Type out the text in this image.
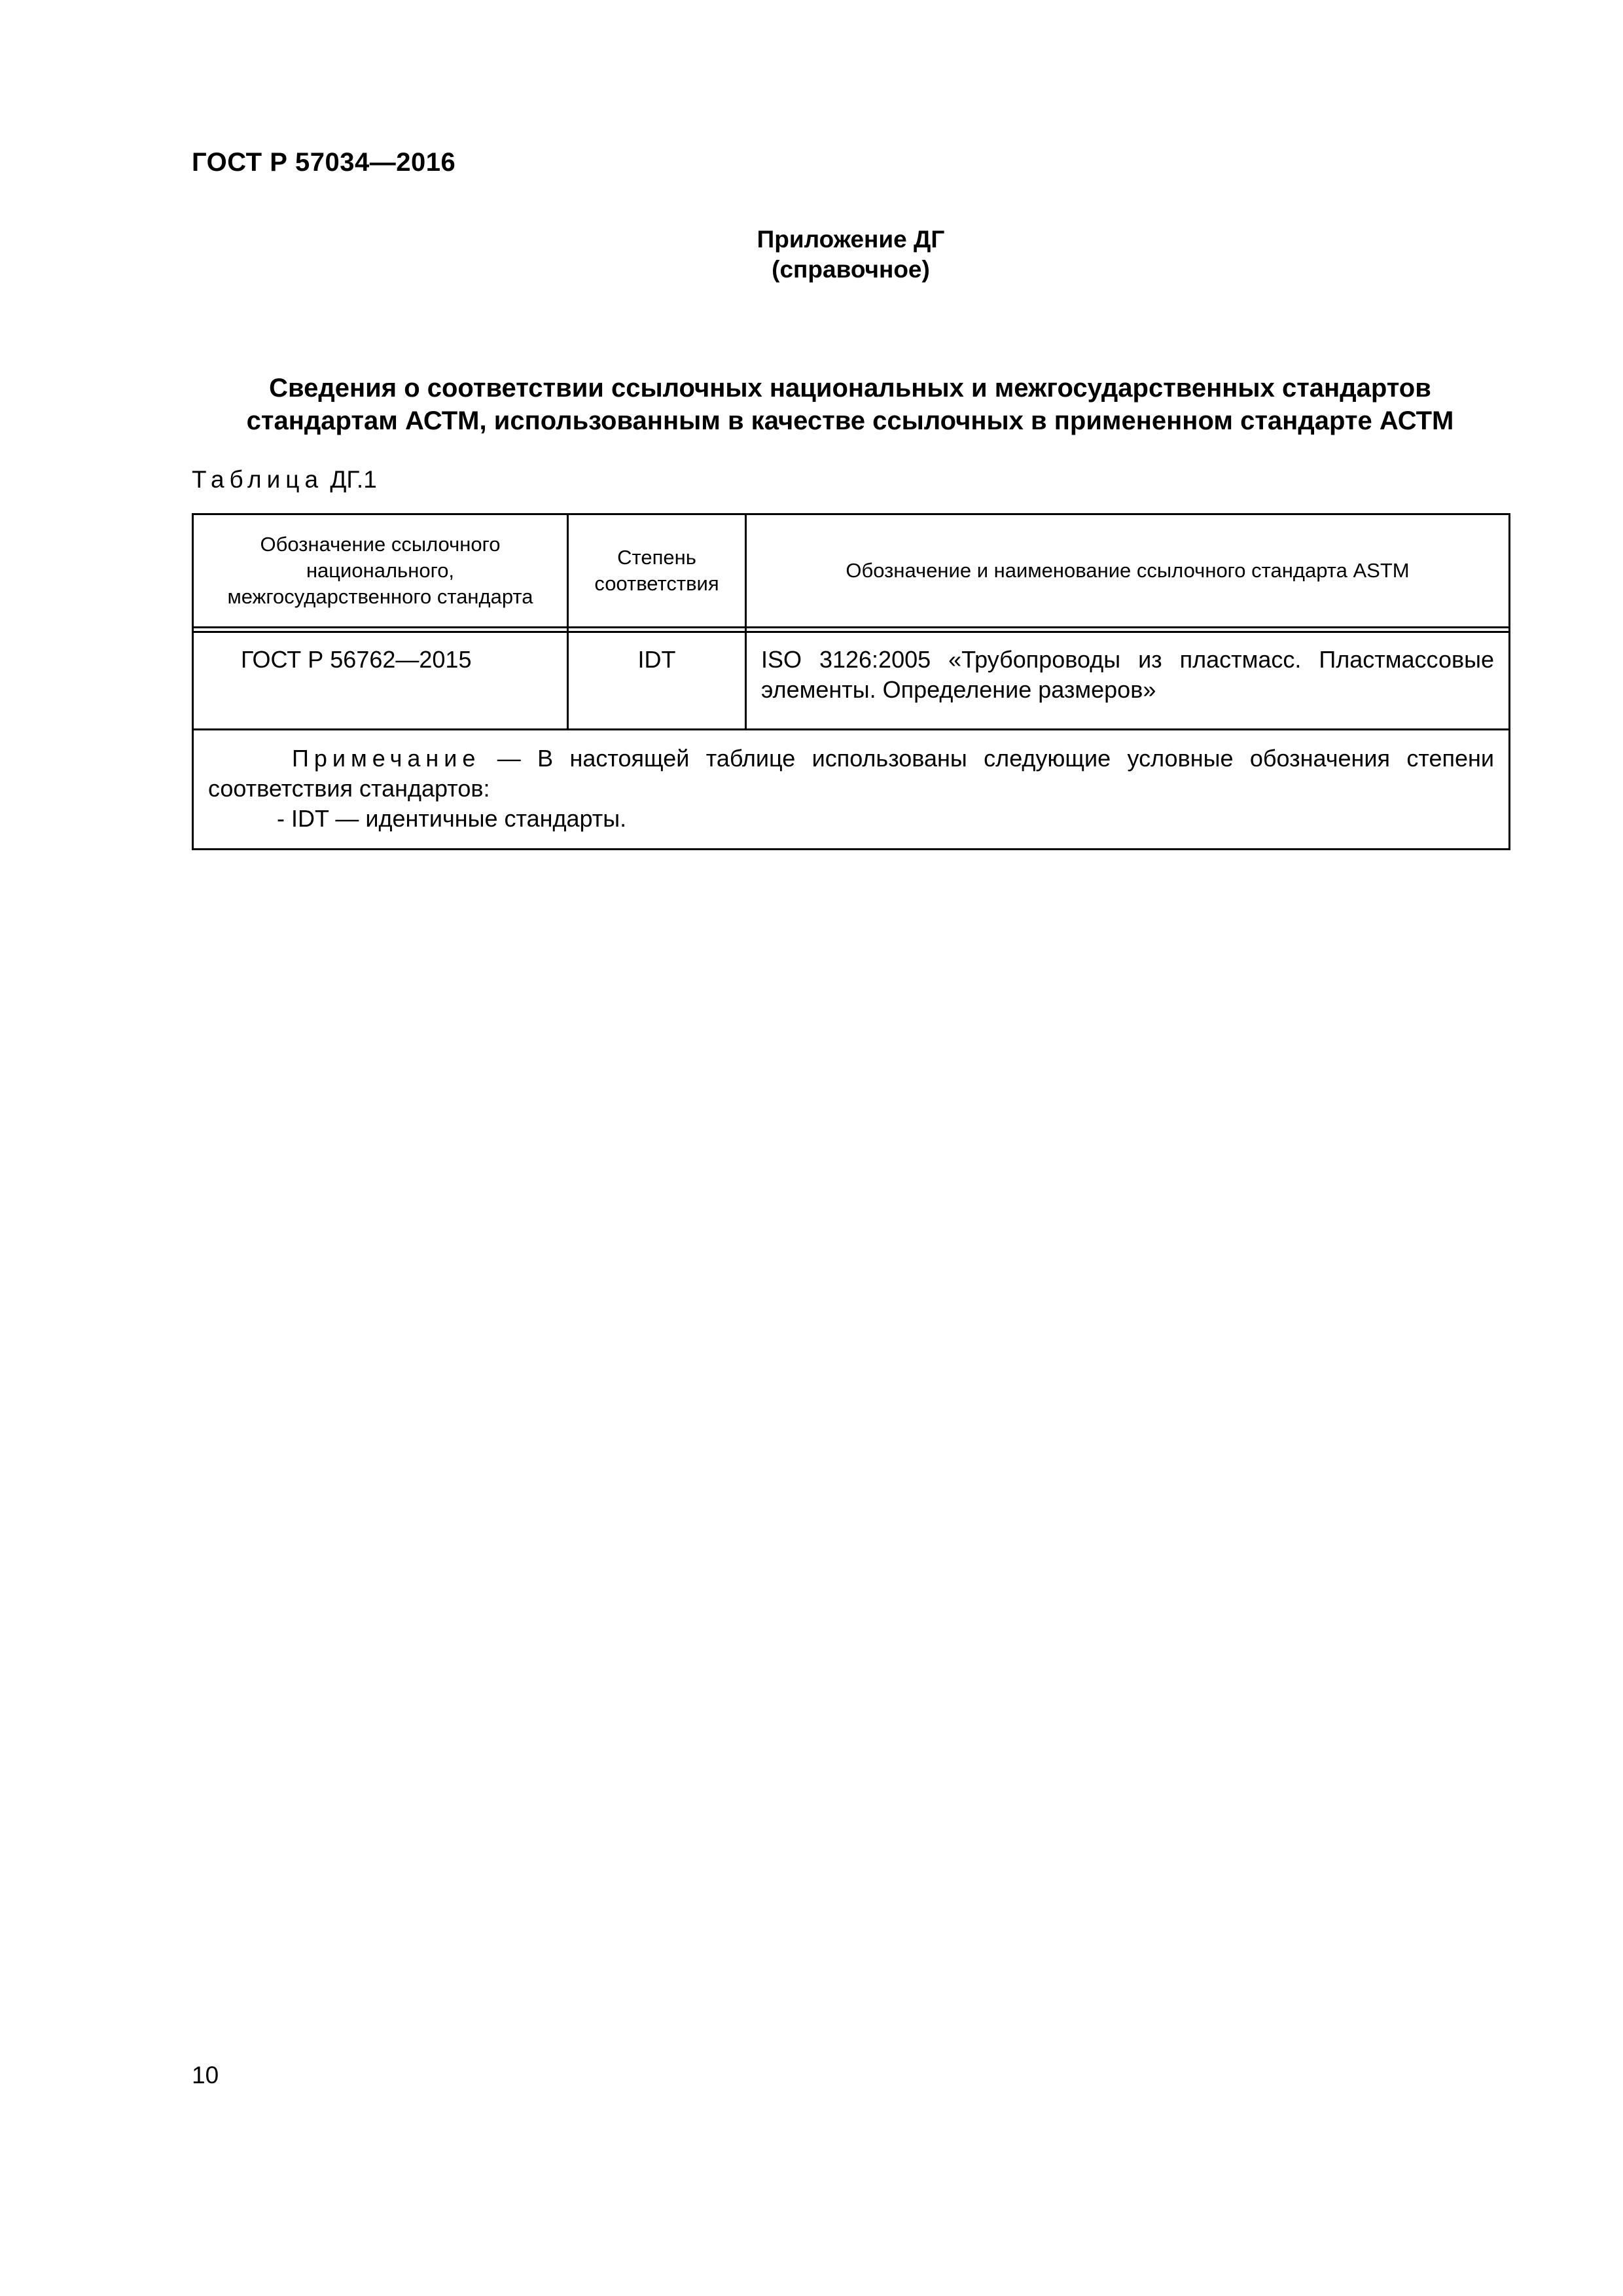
ГОСТ Р 57034—2016
Приложение ДГ
(справочное)
Сведения о соответствии ссылочных национальных и межгосударственных стандартов
стандартам АСТМ, использованным в качестве ссылочных в примененном стандарте АСТМ
Таблица ДГ.1
Обозначение ссылочного национального, межгосударственного стандарта	Степень соответствия	Обозначение и наименование ссылочного стандарта ASTM

ГОСТ Р 56762—2015	IDT	ISO 3126:2005 «Трубопроводы из пластмасс. Пластмассовые элементы. Определение размеров»

Примечание — В настоящей таблице использованы следующие условные обозначения степени
соответствия стандартов:
- IDT — идентичные стандарты.		
10
